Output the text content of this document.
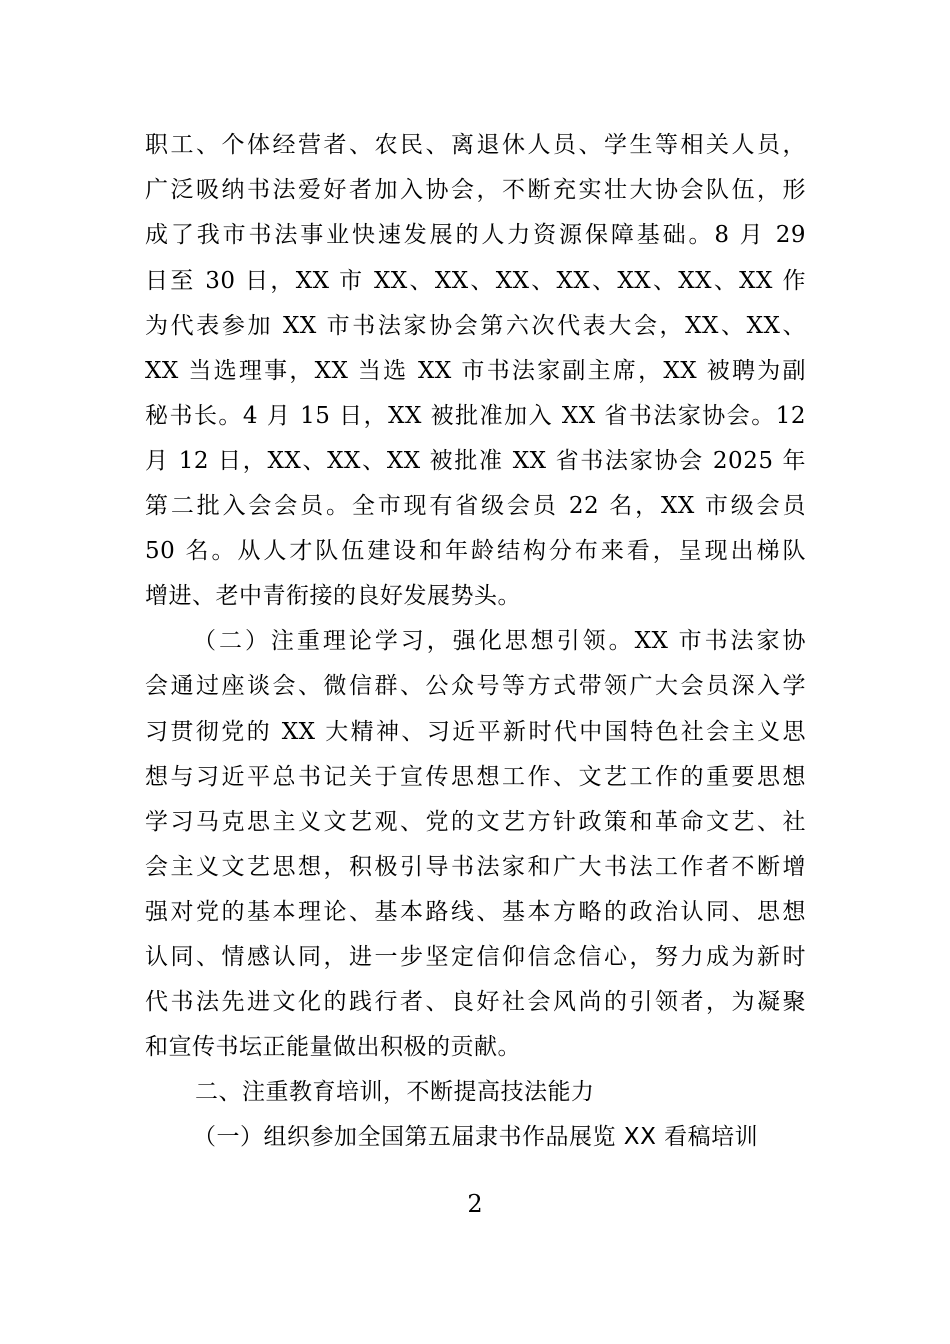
职工、个体经营者、农民、离退休人员、学生等相关人员，
广泛吸纳书法爱好者加入协会，不断充实壮大协会队伍，形
成了我市书法事业快速发展的人力资源保障基础。8 月 29
日至 30 日，XX 市 XX、XX、XX、XX、XX、XX、XX 作
为代表参加 XX 市书法家协会第六次代表大会，XX、XX、
XX 当选理事，XX 当选 XX 市书法家副主席，XX 被聘为副
秘书长。4 月 15 日，XX 被批准加入 XX 省书法家协会。12
月 12 日，XX、XX、XX 被批准 XX 省书法家协会 2025 年
第二批入会会员。全市现有省级会员 22 名，XX 市级会员
50 名。从人才队伍建设和年龄结构分布来看，呈现出梯队
增进、老中青衔接的良好发展势头。
（二）注重理论学习，强化思想引领。XX 市书法家协
会通过座谈会、微信群、公众号等方式带领广大会员深入学
习贯彻党的 XX 大精神、习近平新时代中国特色社会主义思
想与习近平总书记关于宣传思想工作、文艺工作的重要思想
学习马克思主义文艺观、党的文艺方针政策和革命文艺、社
会主义文艺思想，积极引导书法家和广大书法工作者不断增
强对党的基本理论、基本路线、基本方略的政治认同、思想
认同、情感认同，进一步坚定信仰信念信心，努力成为新时
代书法先进文化的践行者、良好社会风尚的引领者，为凝聚
和宣传书坛正能量做出积极的贡献。
二、注重教育培训，不断提高技法能力
（一）组织参加全国第五届隶书作品展览 XX 看稿培训
2
